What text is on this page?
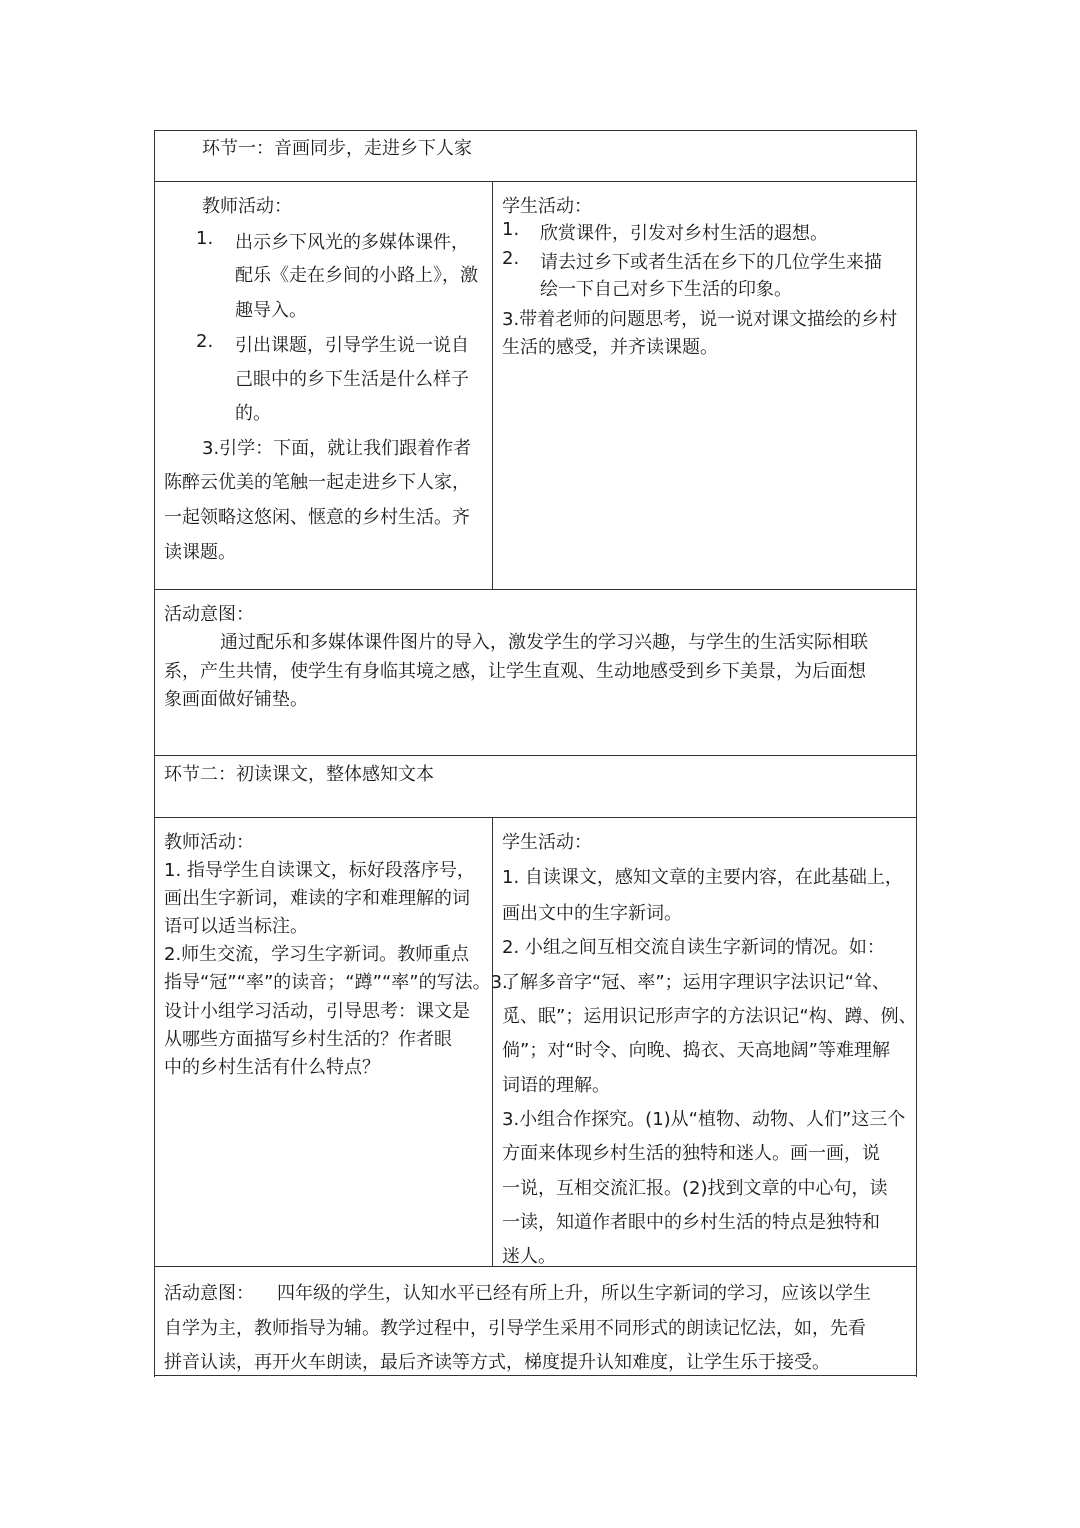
环节一：音画同步，走进乡下人家
教师活动：
1. 出示乡下风光的多媒体课件，
配乐《走在乡间的小路上》，激
趣导入。
2. 引出课题，引导学生说一说自
己眼中的乡下生活是什么样子
的。
3.引学：下面，就让我们跟着作者
陈醉云优美的笔触一起走进乡下人家，
一起领略这悠闲、惬意的乡村生活。齐
读课题。
学生活动：
1. 欣赏课件，引发对乡村生活的遐想。
2. 请去过乡下或者生活在乡下的几位学生来描
绘一下自己对乡下生活的印象。
3.带着老师的问题思考，说一说对课文描绘的乡村
生活的感受，并齐读课题。
活动意图：
通过配乐和多媒体课件图片的导入，激发学生的学习兴趣，与学生的生活实际相联
系，产生共情，使学生有身临其境之感，让学生直观、生动地感受到乡下美景，为后面想
象画面做好铺垫。
环节二：初读课文，整体感知文本
教师活动：
1. 指导学生自读课文，标好段落序号，
画出生字新词，难读的字和难理解的词
语可以适当标注。
2.师生交流，学习生字新词。教师重点
指导“冠”“率”的读音；“蹲”“率”的写法。3.
设计小组学习活动，引导思考：课文是
从哪些方面描写乡村生活的？作者眼
中的乡村生活有什么特点？
学生活动：
1. 自读课文，感知文章的主要内容，在此基础上，
画出文中的生字新词。
2. 小组之间互相交流自读生字新词的情况。如：
了解多音字“冠、率”；运用字理识字法识记“耸、
觅、眠”；运用识记形声字的方法识记“构、蹲、例、
倘”；对“时令、向晚、捣衣、天高地阔”等难理解
词语的理解。
3.小组合作探究。(1)从“植物、动物、人们”这三个
方面来体现乡村生活的独特和迷人。画一画，说
一说，互相交流汇报。(2)找到文章的中心句，读
一读，知道作者眼中的乡村生活的特点是独特和
迷人。
活动意图： 四年级的学生，认知水平已经有所上升，所以生字新词的学习，应该以学生
自学为主，教师指导为辅。教学过程中，引导学生采用不同形式的朗读记忆法，如，先看
拼音认读，再开火车朗读，最后齐读等方式，梯度提升认知难度，让学生乐于接受。
